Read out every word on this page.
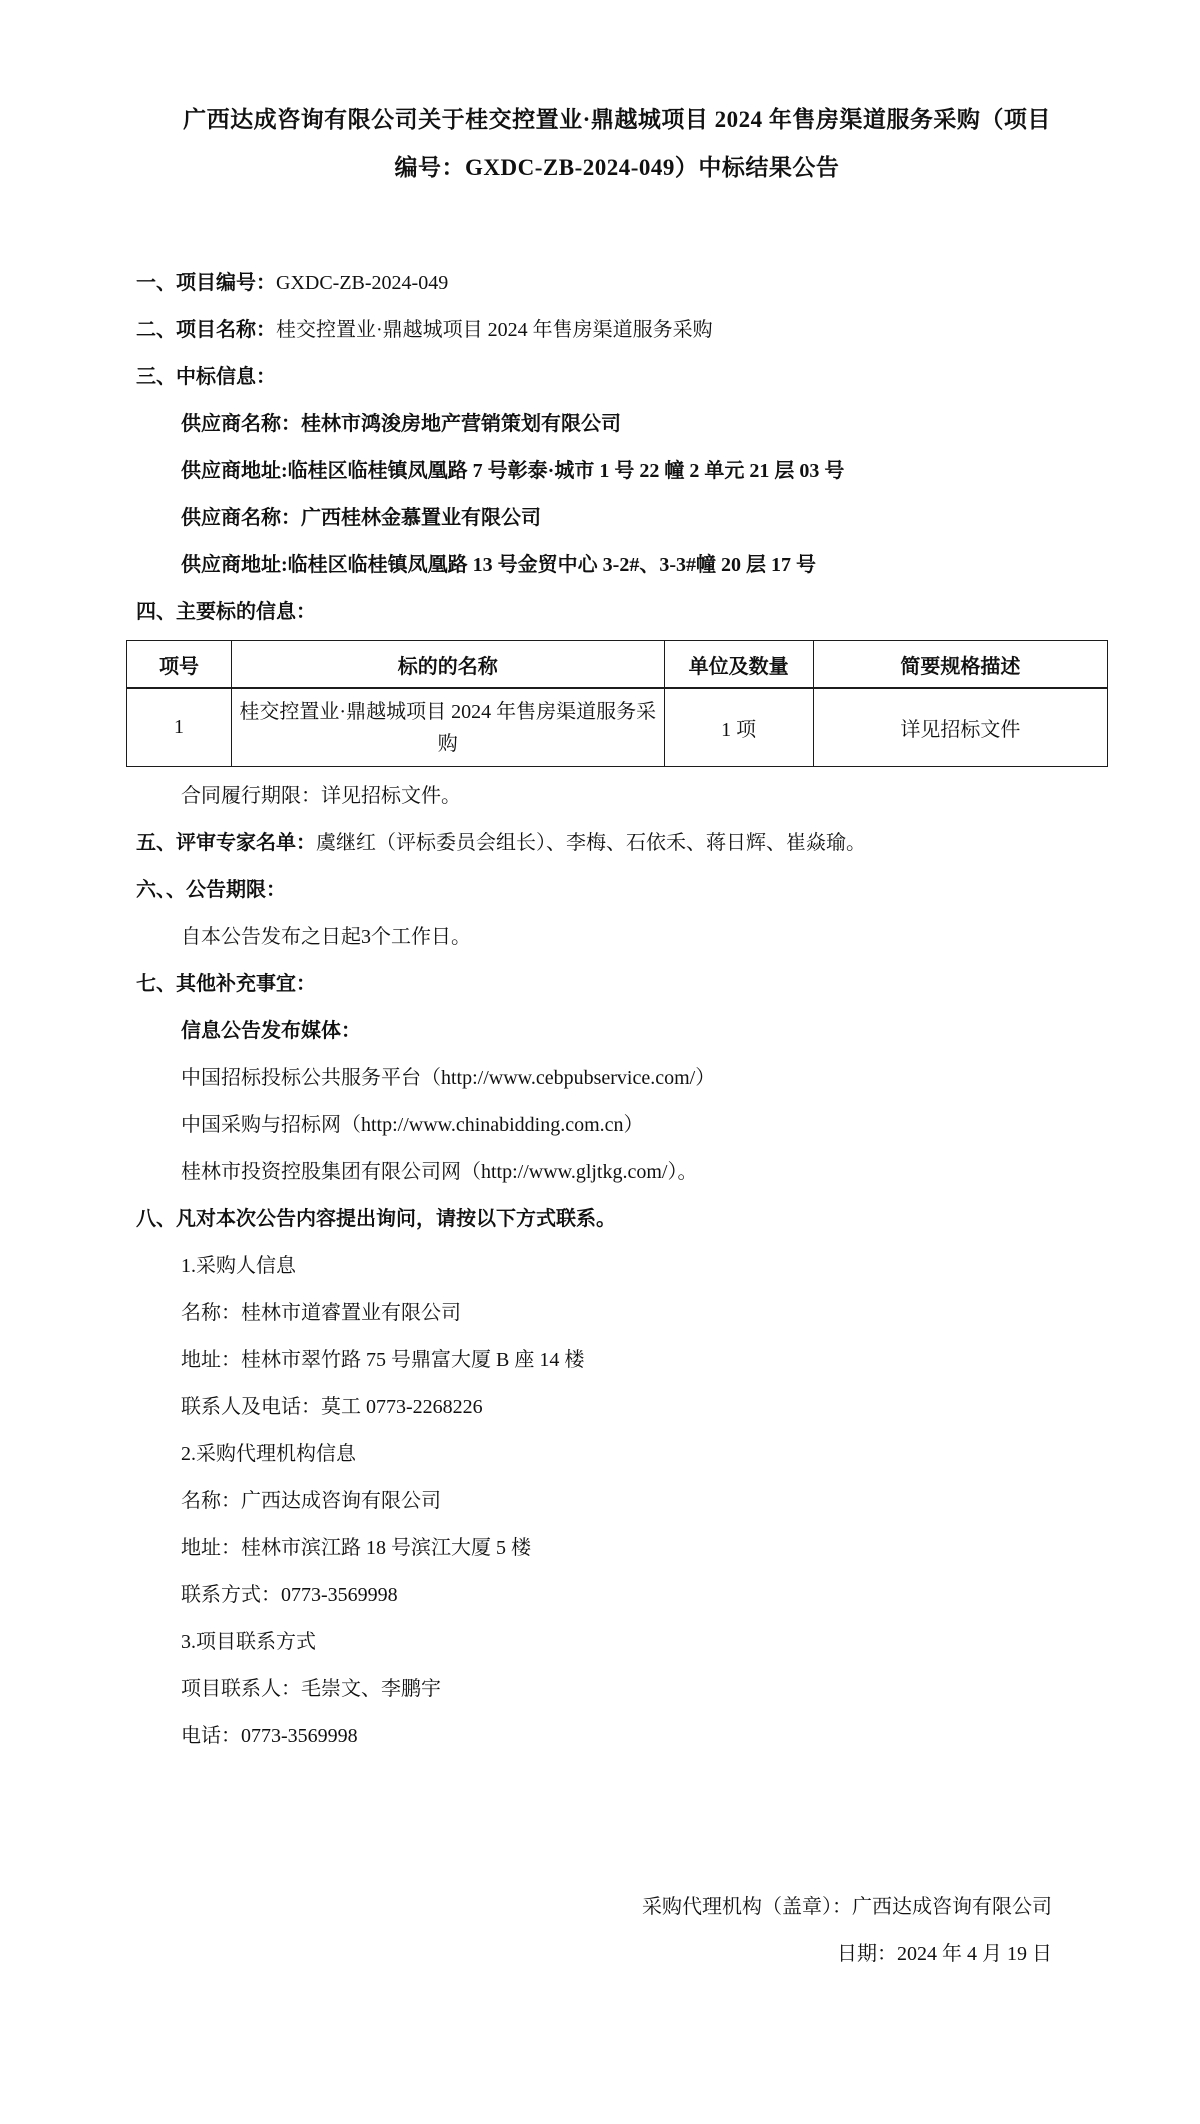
广西达成咨询有限公司关于桂交控置业·鼎越城项目 2024 年售房渠道服务采购（项目
编号：GXDC-ZB-2024-049）中标结果公告
一、项目编号：GXDC-ZB-2024-049
二、项目名称：桂交控置业·鼎越城项目 2024 年售房渠道服务采购
三、中标信息：
供应商名称：桂林市鸿浚房地产营销策划有限公司
供应商地址:临桂区临桂镇凤凰路 7 号彰泰·城市 1 号 22 幢 2 单元 21 层 03 号
供应商名称：广西桂林金慕置业有限公司
供应商地址:临桂区临桂镇凤凰路 13 号金贸中心 3-2#、3-3#幢 20 层 17 号
四、主要标的信息：
项号	标的的名称	单位及数量	简要规格描述
1	桂交控置业·鼎越城项目 2024 年售房渠道服务采购	1 项	详见招标文件
合同履行期限：详见招标文件。
五、评审专家名单：虞继红（评标委员会组长）、李梅、石依禾、蒋日辉、崔焱瑜。
六、、公告期限：
自本公告发布之日起3个工作日。
七、其他补充事宜：
信息公告发布媒体：
中国招标投标公共服务平台（http://www.cebpubservice.com/）
中国采购与招标网（http://www.chinabidding.com.cn）
桂林市投资控股集团有限公司网（http://www.gljtkg.com/）。
八、凡对本次公告内容提出询问，请按以下方式联系。
1.采购人信息
名称：桂林市道睿置业有限公司
地址：桂林市翠竹路 75 号鼎富大厦 B 座 14 楼
联系人及电话：莫工 0773-2268226
2.采购代理机构信息
名称：广西达成咨询有限公司
地址：桂林市滨江路 18 号滨江大厦 5 楼
联系方式：0773-3569998
3.项目联系方式
项目联系人：毛崇文、李鹏宇
电话：0773-3569998
采购代理机构（盖章）：广西达成咨询有限公司
日期：2024 年 4 月 19 日
